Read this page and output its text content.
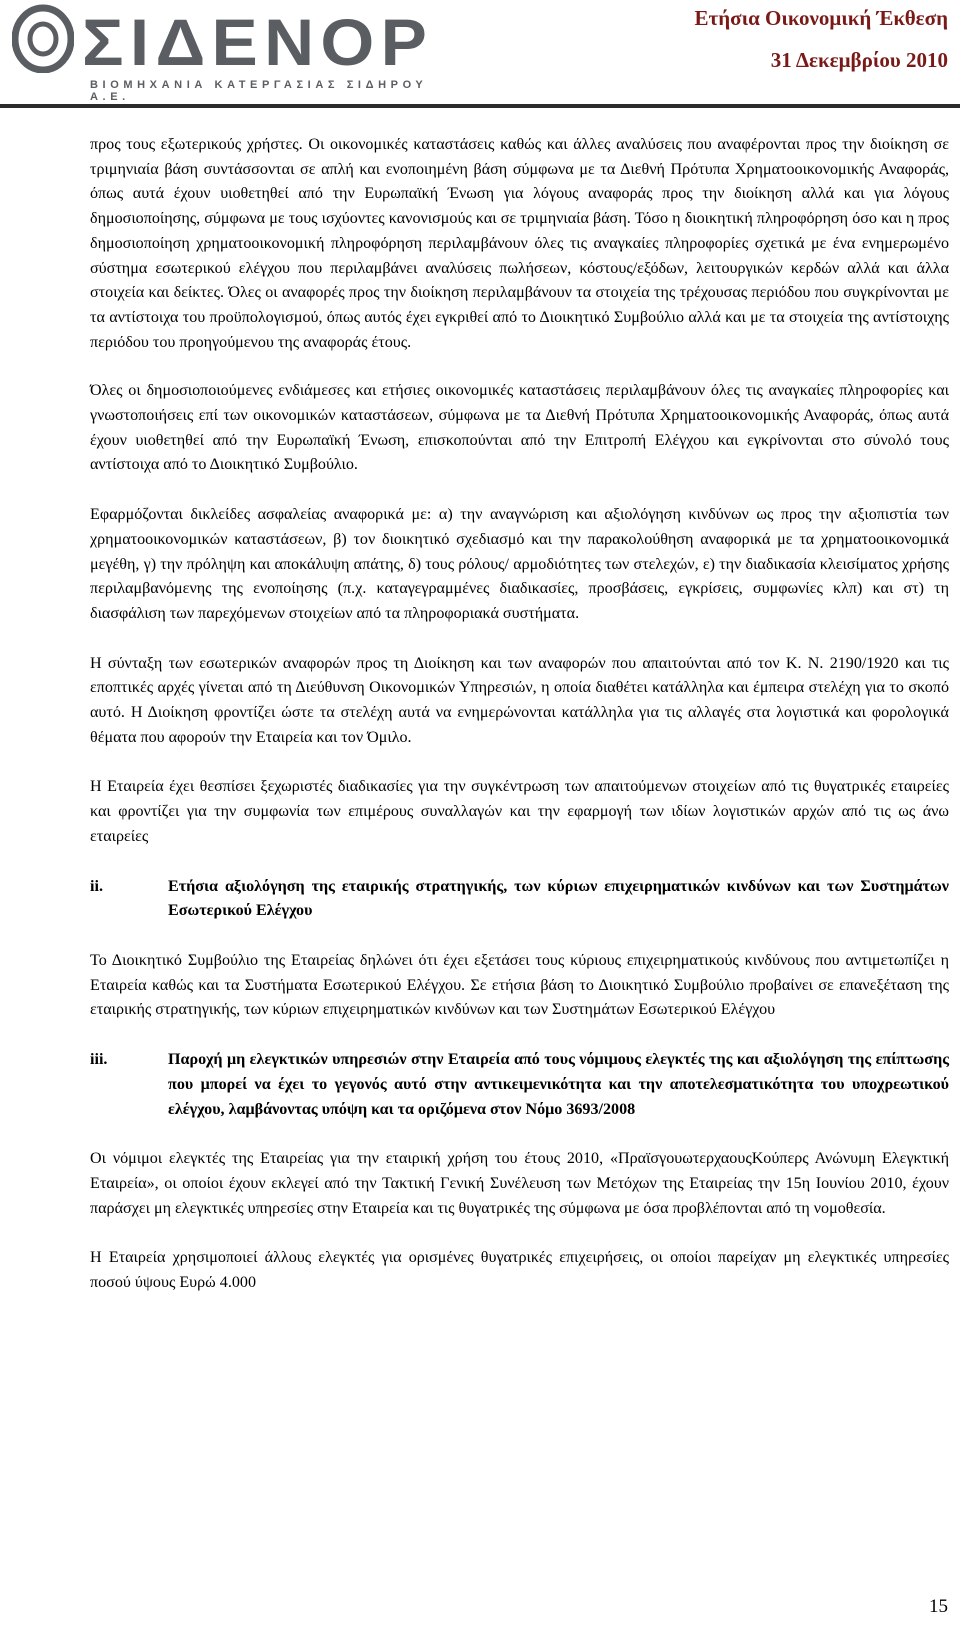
ΣΙΔΕΝΟΡ
ΒΙΟΜΗΧΑΝΙΑ ΚΑΤΕΡΓΑΣΙΑΣ ΣΙΔΗΡΟΥ Α.Ε.
Ετήσια Οικονομική Έκθεση
31 Δεκεμβρίου 2010

προς τους εξωτερικούς χρήστες. Οι οικονομικές καταστάσεις καθώς και άλλες αναλύσεις που αναφέρονται προς την διοίκηση σε τριμηνιαία βάση συντάσσονται σε απλή και ενοποιημένη βάση σύμφωνα με τα Διεθνή Πρότυπα Χρηματοοικονομικής Αναφοράς, όπως αυτά έχουν υιοθετηθεί από την Ευρωπαϊκή Ένωση για λόγους αναφοράς προς την διοίκηση αλλά και για λόγους δημοσιοποίησης, σύμφωνα με τους ισχύοντες κανονισμούς και σε τριμηνιαία βάση. Τόσο η διοικητική πληροφόρηση όσο και η προς δημοσιοποίηση χρηματοοικονομική πληροφόρηση περιλαμβάνουν όλες τις αναγκαίες πληροφορίες σχετικά με ένα ενημερωμένο σύστημα εσωτερικού ελέγχου που περιλαμβάνει αναλύσεις πωλήσεων, κόστους/εξόδων, λειτουργικών κερδών αλλά και άλλα στοιχεία και δείκτες. Όλες οι αναφορές προς την διοίκηση περιλαμβάνουν τα στοιχεία της τρέχουσας περιόδου που συγκρίνονται με τα αντίστοιχα του προϋπολογισμού, όπως αυτός έχει εγκριθεί από το Διοικητικό Συμβούλιο αλλά και με τα στοιχεία της αντίστοιχης περιόδου του προηγούμενου της αναφοράς έτους.

Όλες οι δημοσιοποιούμενες ενδιάμεσες και ετήσιες οικονομικές καταστάσεις περιλαμβάνουν όλες τις αναγκαίες πληροφορίες και γνωστοποιήσεις επί των οικονομικών καταστάσεων, σύμφωνα με τα Διεθνή Πρότυπα Χρηματοοικονομικής Αναφοράς, όπως αυτά έχουν υιοθετηθεί από την Ευρωπαϊκή Ένωση, επισκοπούνται από την Επιτροπή Ελέγχου και εγκρίνονται στο σύνολό τους αντίστοιχα από το Διοικητικό Συμβούλιο.

Εφαρμόζονται δικλείδες ασφαλείας αναφορικά με: α) την αναγνώριση και αξιολόγηση κινδύνων ως προς την αξιοπιστία των χρηματοοικονομικών καταστάσεων, β) τον διοικητικό σχεδιασμό και την παρακολούθηση αναφορικά με τα χρηματοοικονομικά μεγέθη, γ) την πρόληψη και αποκάλυψη απάτης, δ) τους ρόλους/ αρμοδιότητες των στελεχών, ε) την διαδικασία κλεισίματος χρήσης περιλαμβανόμενης της ενοποίησης (π.χ. καταγεγραμμένες διαδικασίες, προσβάσεις, εγκρίσεις, συμφωνίες κλπ) και στ) τη διασφάλιση των παρεχόμενων στοιχείων από τα πληροφοριακά συστήματα.

Η σύνταξη των εσωτερικών αναφορών προς τη Διοίκηση και των αναφορών που απαιτούνται από τον Κ. Ν. 2190/1920 και τις εποπτικές αρχές γίνεται από τη Διεύθυνση Οικονομικών Υπηρεσιών, η οποία διαθέτει κατάλληλα και έμπειρα στελέχη για το σκοπό αυτό. Η Διοίκηση φροντίζει ώστε τα στελέχη αυτά να ενημερώνονται κατάλληλα για τις αλλαγές στα λογιστικά και φορολογικά θέματα που αφορούν την Εταιρεία και τον Όμιλο.

Η Εταιρεία έχει θεσπίσει ξεχωριστές διαδικασίες για την συγκέντρωση των απαιτούμενων στοιχείων από τις θυγατρικές εταιρείες και φροντίζει για την συμφωνία των επιμέρους συναλλαγών και την εφαρμογή των ιδίων λογιστικών αρχών από τις ως άνω εταιρείες

ii.	Ετήσια αξιολόγηση της εταιρικής στρατηγικής, των κύριων επιχειρηματικών κινδύνων και των Συστημάτων Εσωτερικού Ελέγχου

Το Διοικητικό Συμβούλιο της Εταιρείας δηλώνει ότι έχει εξετάσει τους κύριους επιχειρηματικούς κινδύνους που αντιμετωπίζει η Εταιρεία καθώς και τα Συστήματα Εσωτερικού Ελέγχου. Σε ετήσια βάση το Διοικητικό Συμβούλιο προβαίνει σε επανεξέταση της εταιρικής στρατηγικής, των κύριων επιχειρηματικών κινδύνων και των Συστημάτων Εσωτερικού Ελέγχου

iii.	Παροχή μη ελεγκτικών υπηρεσιών στην Εταιρεία από τους νόμιμους ελεγκτές της και αξιολόγηση της επίπτωσης που μπορεί να έχει το γεγονός αυτό στην αντικειμενικότητα και την αποτελεσματικότητα του υποχρεωτικού ελέγχου, λαμβάνοντας υπόψη και τα οριζόμενα στον Νόμο 3693/2008

Οι νόμιμοι ελεγκτές της Εταιρείας για την εταιρική χρήση του έτους 2010, «ΠραϊσγουωτερχαουςΚούπερς Ανώνυμη Ελεγκτική Εταιρεία», οι οποίοι έχουν εκλεγεί από την Τακτική Γενική Συνέλευση των Μετόχων της Εταιρείας την 15η Ιουνίου 2010, έχουν παράσχει μη ελεγκτικές υπηρεσίες στην Εταιρεία και τις θυγατρικές της σύμφωνα με όσα προβλέπονται από τη νομοθεσία.

Η Εταιρεία χρησιμοποιεί άλλους ελεγκτές για ορισμένες θυγατρικές επιχειρήσεις, οι οποίοι παρείχαν μη ελεγκτικές υπηρεσίες ποσού ύψους Ευρώ 4.000

15
